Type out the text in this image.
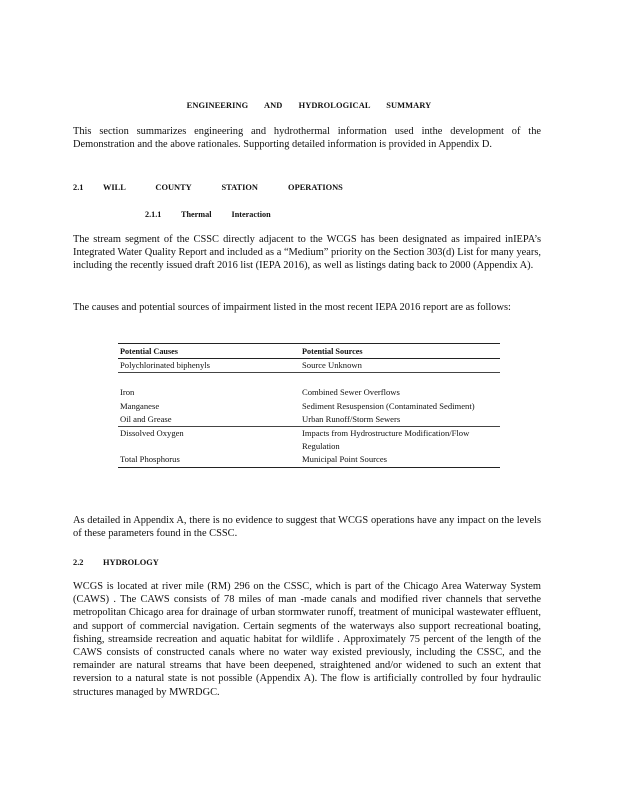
ENGINEERING AND HYDROLOGICAL SUMMARY
This section summarizes engineering and hydrothermal information used inthe development of the Demonstration and the above rationales. Supporting detailed information is provided in Appendix D.
2.1 WILL COUNTY STATION OPERATIONS
2.1.1 Thermal Interaction
The stream segment of the CSSC directly adjacent to the WCGS has been designated as impaired inIEPA’s Integrated Water Quality Report and included as a “Medium” priority on the Section 303(d) List for many years, including the recently issued draft 2016 list (IEPA 2016), as well as listings dating back to 2000 (Appendix A).
The causes and potential sources of impairment listed in the most recent IEPA 2016 report are as follows:
Potential Causes	Potential Sources
Polychlorinated biphenyls	Source Unknown

Iron	Combined Sewer Overflows
Manganese	Sediment Resuspension (Contaminated Sediment)
Oil and Grease	Urban Runoff/Storm Sewers
Dissolved Oxygen	Impacts from Hydrostructure Modification/Flow
Regulation

Total Phosphorus	Municipal Point Sources
As detailed in Appendix A, there is no evidence to suggest that WCGS operations have any impact on the levels of these parameters found in the CSSC.
2.2 HYDROLOGY
WCGS is located at river mile (RM) 296 on the CSSC, which is part of the Chicago Area Waterway System (CAWS) . The CAWS consists of 78 miles of man -made canals and modified river channels that servethe metropolitan Chicago area for drainage of urban stormwater runoff, treatment of municipal wastewater effluent, and support of commercial navigation. Certain segments of the waterways also support recreational boating, fishing, streamside recreation and aquatic habitat for wildlife . Approximately 75 percent of the length of the CAWS consists of constructed canals where no water way existed previously, including the CSSC, and the remainder are natural streams that have been deepened, straightened and/or widened to such an extent that reversion to a natural state is not possible (Appendix A). The flow is artificially controlled by four hydraulic structures managed by MWRDGC.
